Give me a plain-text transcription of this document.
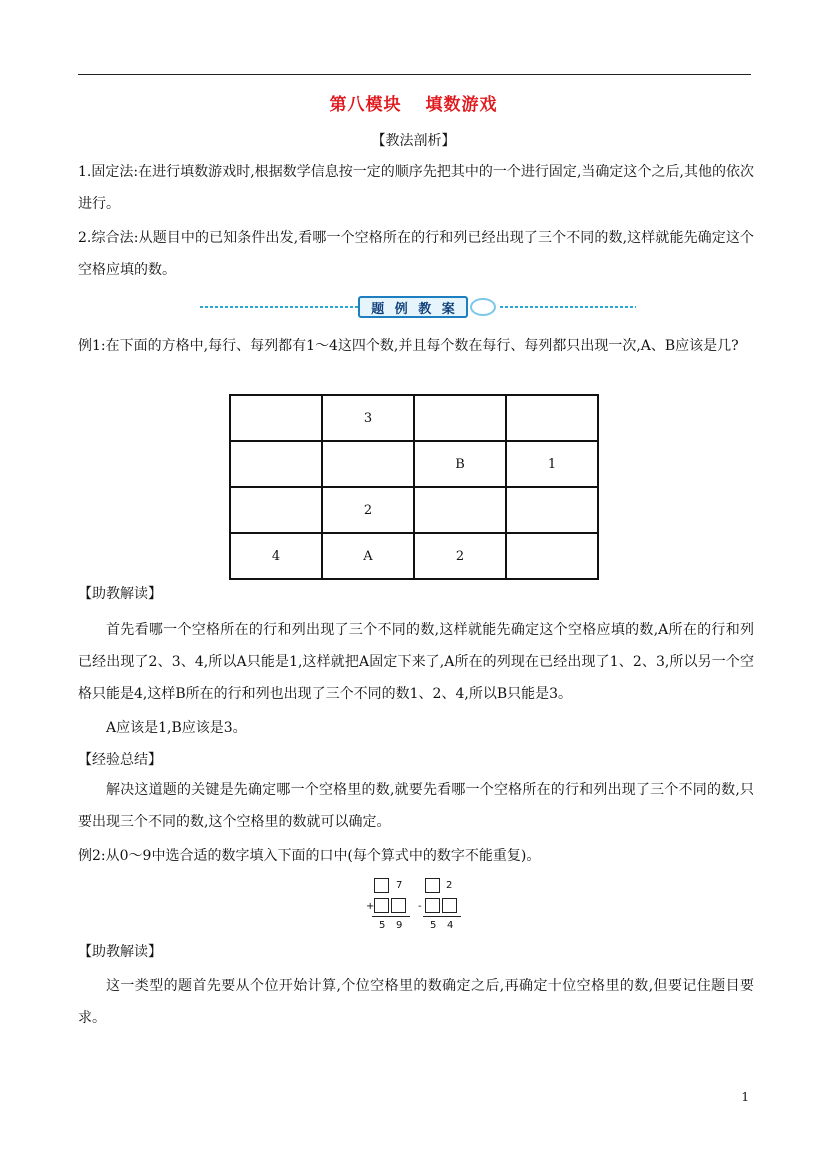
第八模块 填数游戏
【教法剖析】
1.固定法:在进行填数游戏时,根据数学信息按一定的顺序先把其中的一个进行固定,当确定这个之后,其他的依次进行。
2.综合法:从题目中的已知条件出发,看哪一个空格所在的行和列已经出现了三个不同的数,这样就能先确定这个空格应填的数。
题 例 教 案
例1:在下面的方格中,每行、每列都有1～4这四个数,并且每个数在每行、每列都只出现一次,A、B应该是几?
	3		
		B	1
	2		
4	A	2	
【助教解读】
首先看哪一个空格所在的行和列出现了三个不同的数,这样就能先确定这个空格应填的数,A所在的行和列已经出现了2、3、4,所以A只能是1,这样就把A固定下来了,A所在的列现在已经出现了1、2、3,所以另一个空格只能是4,这样B所在的行和列也出现了三个不同的数1、2、4,所以B只能是3。
A应该是1,B应该是3。
【经验总结】
解决这道题的关键是先确定哪一个空格里的数,就要先看哪一个空格所在的行和列出现了三个不同的数,只要出现三个不同的数,这个空格里的数就可以确定。
例2:从0～9中选合适的数字填入下面的口中(每个算式中的数字不能重复)。
7
+
5 9
2
-
5 4
【助教解读】
这一类型的题首先要从个位开始计算,个位空格里的数确定之后,再确定十位空格里的数,但要记住题目要求。
1
